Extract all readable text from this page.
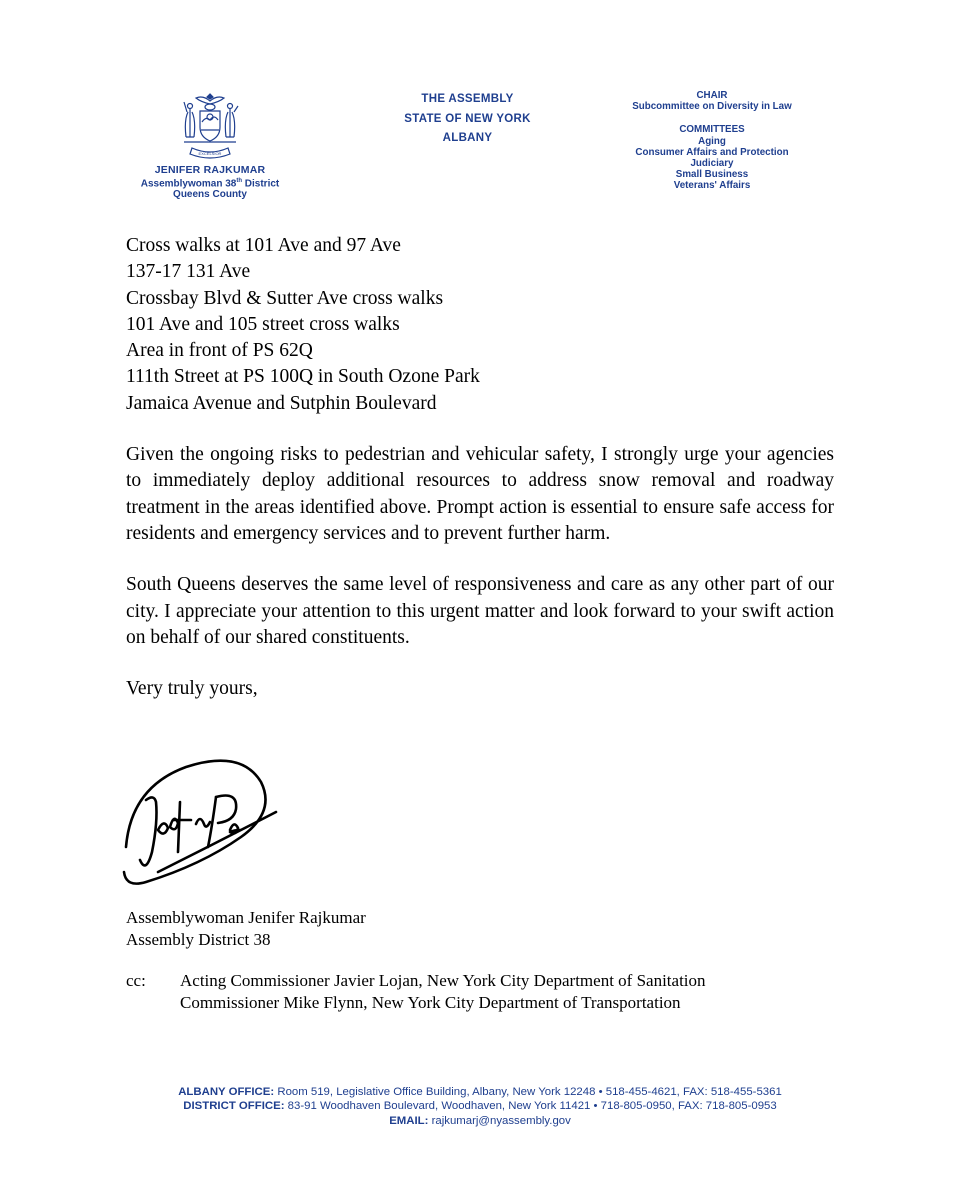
EXCELSIOR
JENIFER RAJKUMAR
Assemblywoman 38th District
Queens County
THE ASSEMBLY
STATE OF NEW YORK
ALBANY
CHAIR
Subcommittee on Diversity in Law
COMMITTEES
Aging
Consumer Affairs and Protection
Judiciary
Small Business
Veterans' Affairs
Cross walks at 101 Ave and 97 Ave
137-17 131 Ave
Crossbay Blvd & Sutter Ave cross walks
101 Ave and 105 street cross walks
Area in front of PS 62Q
111th Street at PS 100Q in South Ozone Park
Jamaica Avenue and Sutphin Boulevard
Given the ongoing risks to pedestrian and vehicular safety, I strongly urge your agencies to immediately deploy additional resources to address snow removal and roadway treatment in the areas identified above. Prompt action is essential to ensure safe access for residents and emergency services and to prevent further harm.
South Queens deserves the same level of responsiveness and care as any other part of our city. I appreciate your attention to this urgent matter and look forward to your swift action on behalf of our shared constituents.
Very truly yours,
Assemblywoman Jenifer Rajkumar
Assembly District 38
cc: Acting Commissioner Javier Lojan, New York City Department of Sanitation
Commissioner Mike Flynn, New York City Department of Transportation
ALBANY OFFICE: Room 519, Legislative Office Building, Albany, New York 12248 • 518-455-4621, FAX: 518-455-5361
DISTRICT OFFICE: 83-91 Woodhaven Boulevard, Woodhaven, New York 11421 • 718-805-0950, FAX: 718-805-0953
EMAIL: rajkumarj@nyassembly.gov
